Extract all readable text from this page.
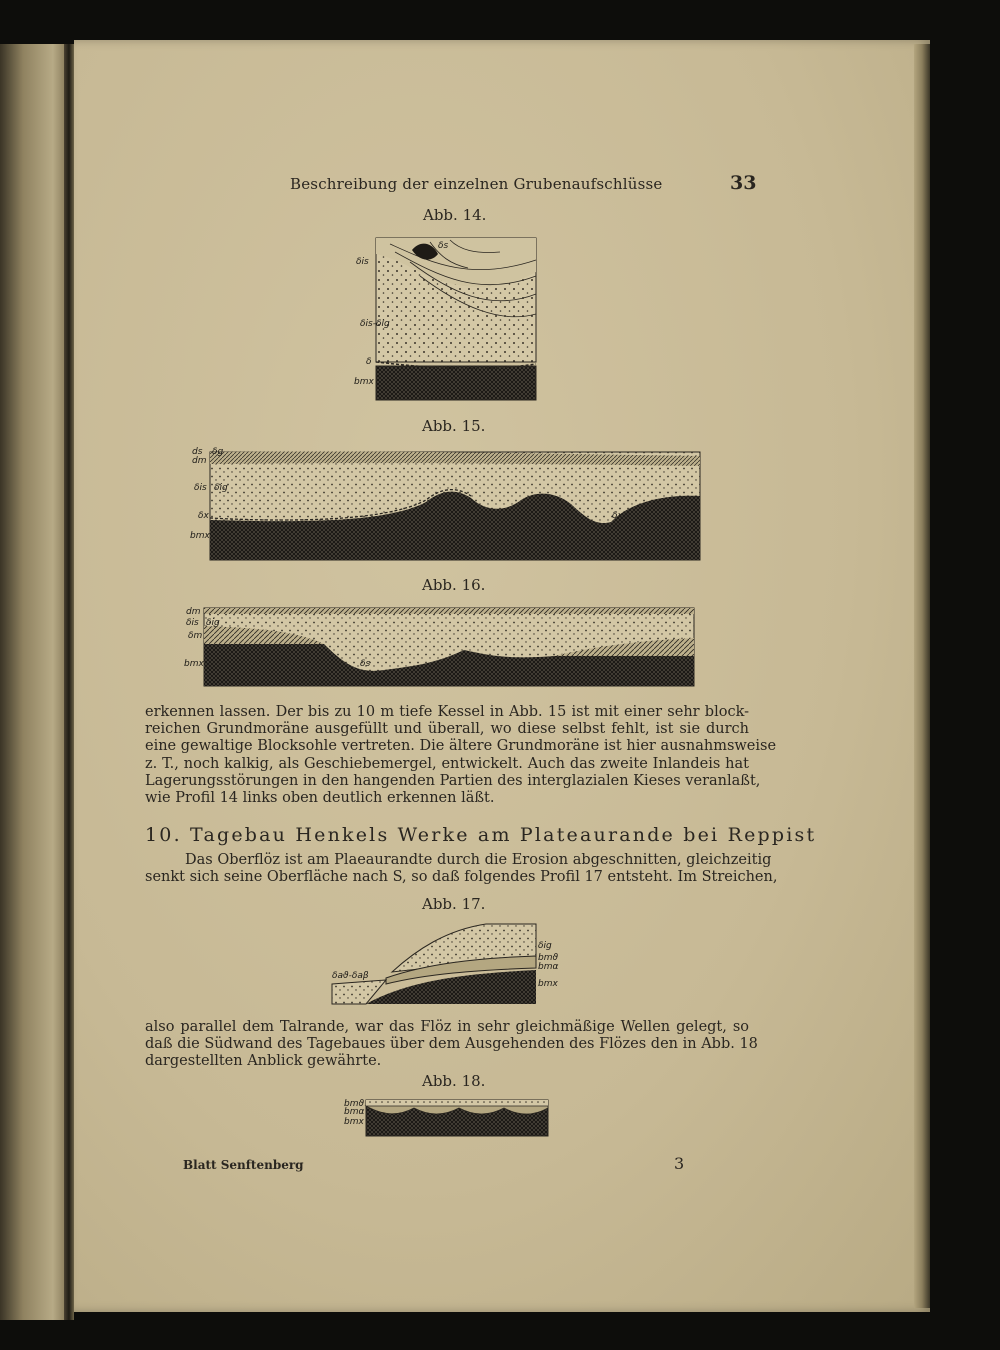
Beschreibung der einzelnen Grubenaufschlüsse	33
Abb. 14.
δs
δis
δis-δig
δ
bmx
Abb. 15.
ds
dm
δg
δis δig
δx	δx
bmx
Abb. 16.
dm
δis δig
δm
bmx	δs
erkennen lassen. Der bis zu 10 m tiefe Kessel in Abb. 15 ist mit einer sehr block-
reichen Grundmoräne ausgefüllt und überall, wo diese selbst fehlt, ist sie durch
eine gewaltige Blocksohle vertreten. Die ältere Grundmoräne ist hier ausnahmsweise
z. T., noch kalkig, als Geschiebemergel, entwickelt. Auch das zweite Inlandeis hat
Lagerungsstörungen in den hangenden Partien des interglazialen Kieses veranlaßt,
wie Profil 14 links oben deutlich erkennen läßt.
10. Tagebau Henkels Werke am Plateaurande bei Reppist
Das Oberflöz ist am Plaeaurandte durch die Erosion abgeschnitten, gleichzeitig
senkt sich seine Oberfläche nach S, so daß folgendes Profil 17 entsteht. Im Streichen,
Abb. 17.
δig
bmϑ
bmα
bmx
δaϑ-δaβ
also parallel dem Talrande, war das Flöz in sehr gleichmäßige Wellen gelegt, so
daß die Südwand des Tagebaues über dem Ausgehenden des Flözes den in Abb. 18
dargestellten Anblick gewährte.
Abb. 18.
bmϑ
bmα
bmx
Blatt Senftenberg	3
